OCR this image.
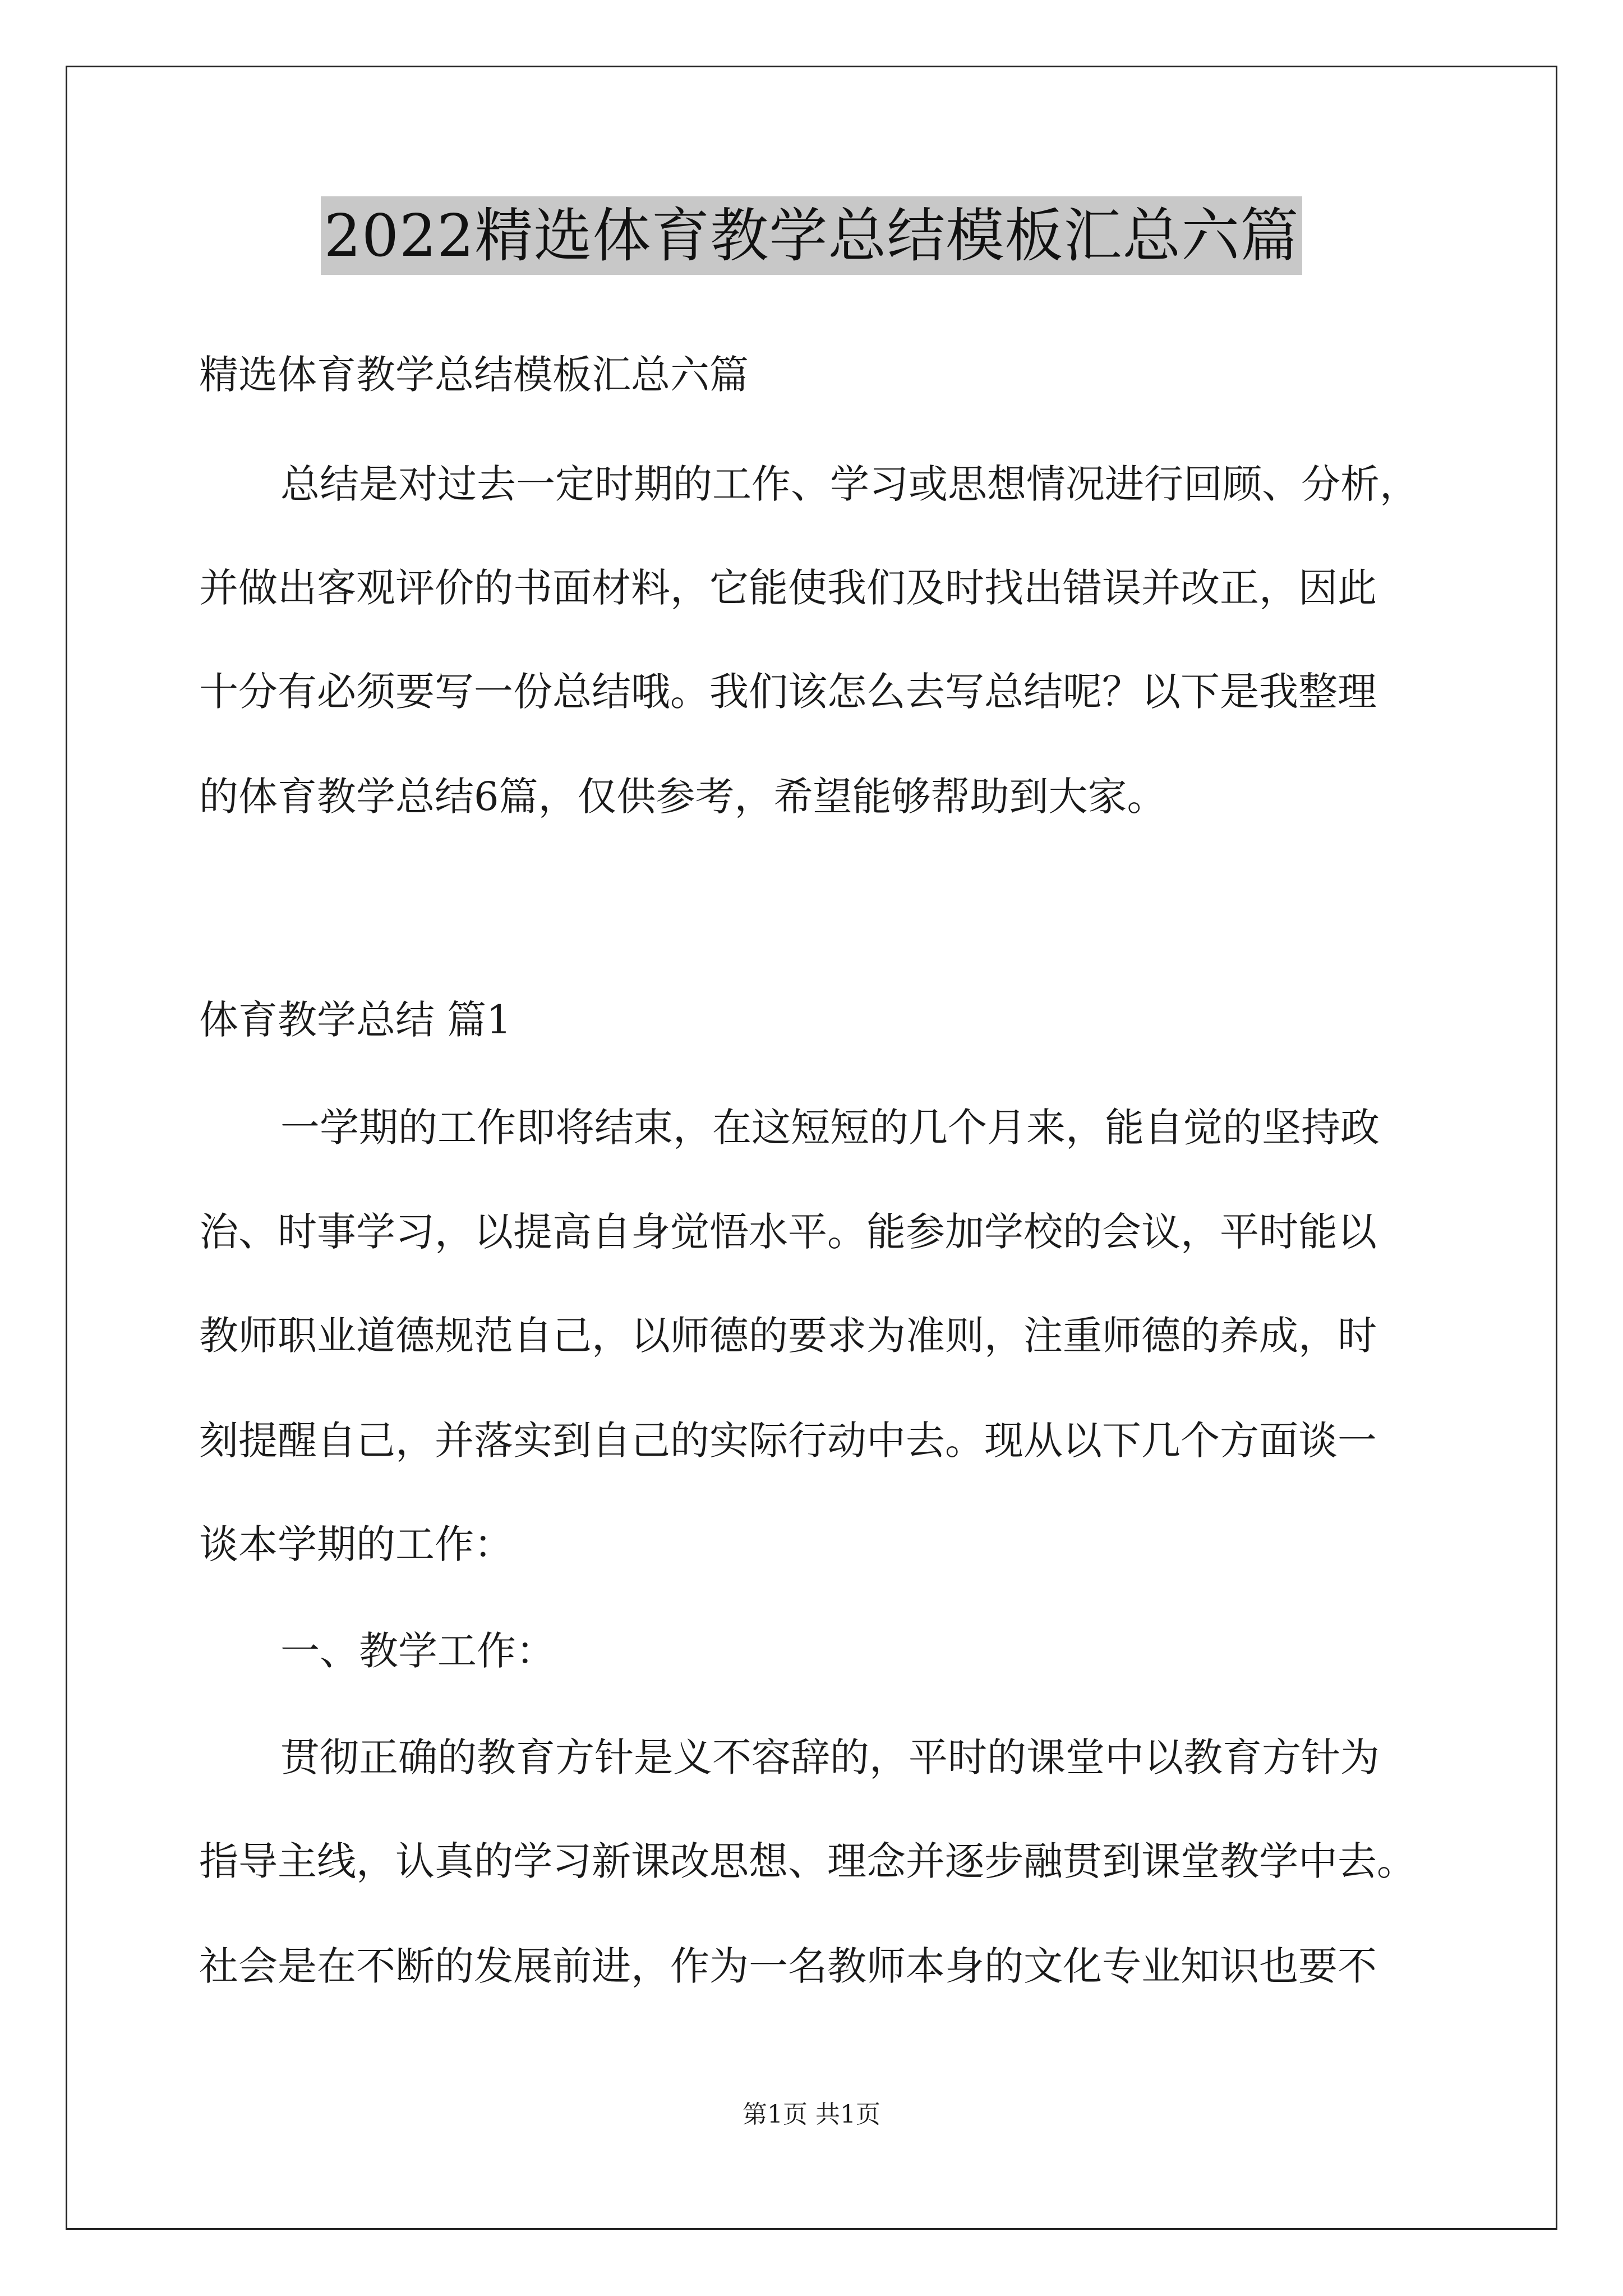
2022精选体育教学总结模板汇总六篇
精选体育教学总结模板汇总六篇
总结是对过去一定时期的工作、学习或思想情况进行回顾、分析，
并做出客观评价的书面材料，它能使我们及时找出错误并改正，因此
十分有必须要写一份总结哦。我们该怎么去写总结呢？以下是我整理
的体育教学总结6篇，仅供参考，希望能够帮助到大家。
体育教学总结 篇1
一学期的工作即将结束，在这短短的几个月来，能自觉的坚持政
治、时事学习，以提高自身觉悟水平。能参加学校的会议，平时能以
教师职业道德规范自己，以师德的要求为准则，注重师德的养成，时
刻提醒自己，并落实到自己的实际行动中去。现从以下几个方面谈一
谈本学期的工作：
一、教学工作：
贯彻正确的教育方针是义不容辞的，平时的课堂中以教育方针为
指导主线，认真的学习新课改思想、理念并逐步融贯到课堂教学中去。
社会是在不断的发展前进，作为一名教师本身的文化专业知识也要不
第1页 共1页
